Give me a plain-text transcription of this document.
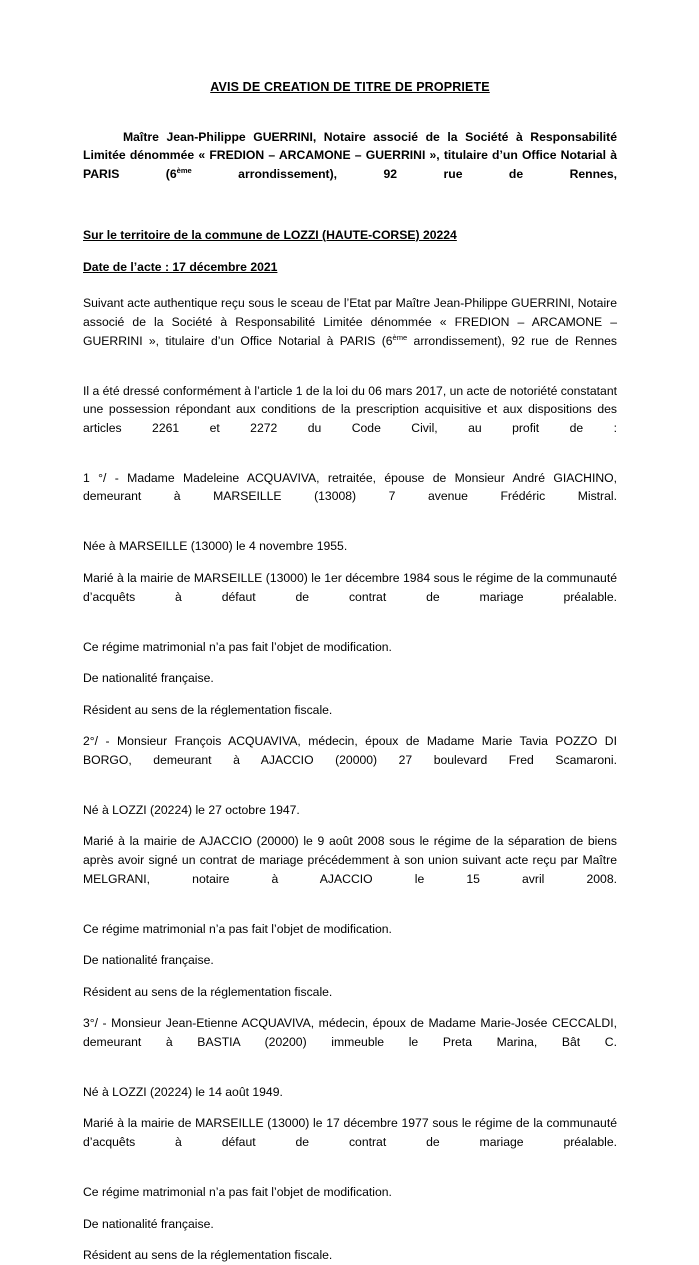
AVIS DE CREATION DE TITRE DE PROPRIETE
Maître Jean-Philippe GUERRINI, Notaire associé de la Société à Responsabilité Limitée dénommée « FREDION – ARCAMONE – GUERRINI », titulaire d’un Office Notarial à PARIS (6ème arrondissement), 92 rue de Rennes,
Sur le territoire de la commune de LOZZI (HAUTE-CORSE) 20224
Date de l’acte : 17 décembre 2021

Suivant acte authentique reçu sous le sceau de l’Etat par Maître Jean-Philippe GUERRINI, Notaire associé de la Société à Responsabilité Limitée dénommée « FREDION – ARCAMONE – GUERRINI », titulaire d’un Office Notarial à PARIS (6ème arrondissement), 92 rue de Rennes

Il a été dressé conformément à l’article 1 de la loi du 06 mars 2017, un acte de notoriété constatant une possession répondant aux conditions de la prescription acquisitive et aux dispositions des articles 2261 et 2272 du Code Civil, au profit de :

1 °/ - Madame Madeleine ACQUAVIVA, retraitée, épouse de Monsieur André GIACHINO, demeurant à MARSEILLE (13008) 7 avenue Frédéric Mistral.

Née à MARSEILLE (13000) le 4 novembre 1955.

Marié à la mairie de MARSEILLE (13000) le 1er décembre 1984 sous le régime de la communauté d’acquêts à défaut de contrat de mariage préalable.

Ce régime matrimonial n’a pas fait l’objet de modification.

De nationalité française.

Résident au sens de la réglementation fiscale.

2°/ - Monsieur François ACQUAVIVA, médecin, époux de Madame Marie Tavia POZZO DI BORGO, demeurant à AJACCIO (20000) 27 boulevard Fred Scamaroni.

Né à LOZZI (20224) le 27 octobre 1947.

Marié à la mairie de AJACCIO (20000) le 9 août 2008 sous le régime de la séparation de biens après avoir signé un contrat de mariage précédemment à son union suivant acte reçu par Maître MELGRANI, notaire à AJACCIO le 15 avril 2008.

Ce régime matrimonial n’a pas fait l’objet de modification.

De nationalité française.

Résident au sens de la réglementation fiscale.

3°/ - Monsieur Jean-Etienne ACQUAVIVA, médecin, époux de Madame Marie-Josée CECCALDI, demeurant à BASTIA (20200) immeuble le Preta Marina, Bât C.

Né à LOZZI (20224) le 14 août 1949.

Marié à la mairie de MARSEILLE (13000) le 17 décembre 1977 sous le régime de la communauté d’acquêts à défaut de contrat de mariage préalable.

Ce régime matrimonial n’a pas fait l’objet de modification.

De nationalité française.

Résident au sens de la réglementation fiscale.
